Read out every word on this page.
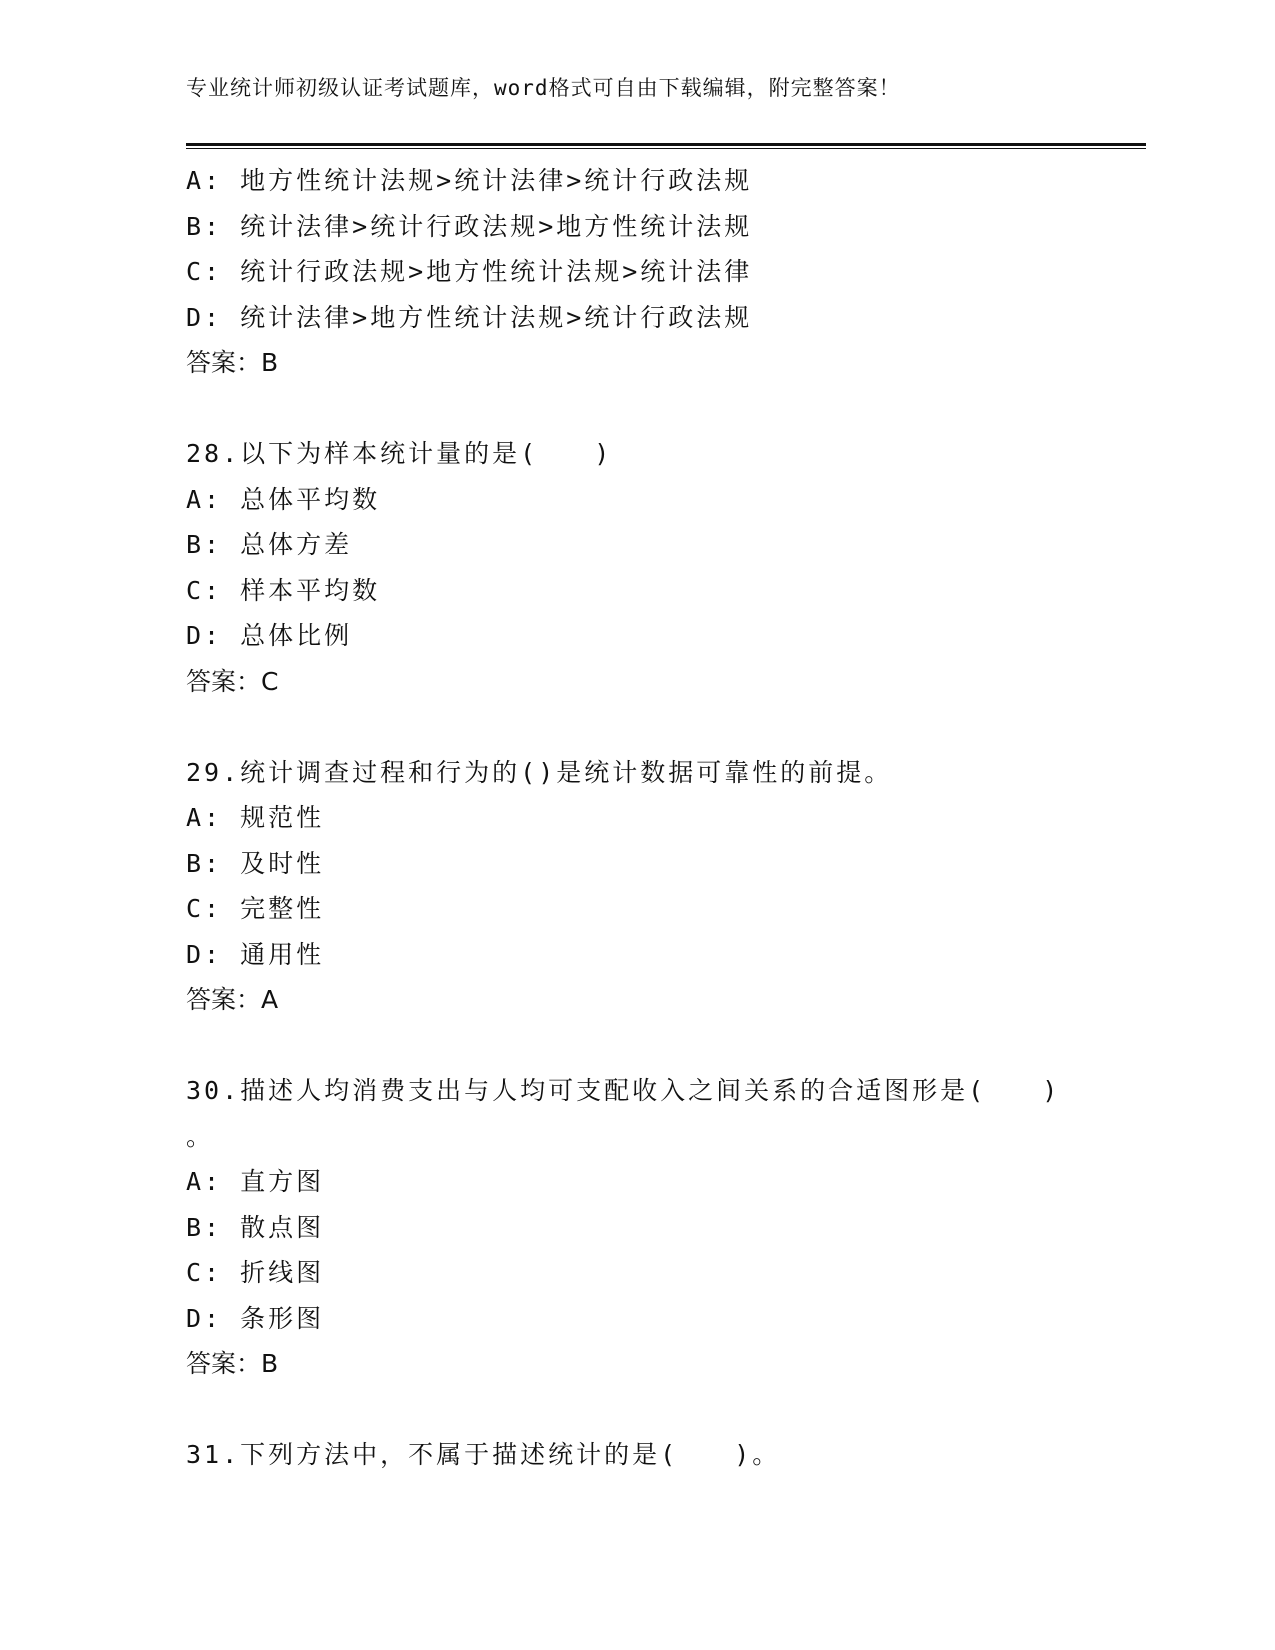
专业统计师初级认证考试题库，word格式可自由下载编辑，附完整答案！
A: 地方性统计法规>统计法律>统计行政法规
B: 统计法律>统计行政法规>地方性统计法规
C: 统计行政法规>地方性统计法规>统计法律
D: 统计法律>地方性统计法规>统计行政法规
答案：B
28.以下为样本统计量的是(　　)
A: 总体平均数
B: 总体方差
C: 样本平均数
D: 总体比例
答案：C
29.统计调查过程和行为的()是统计数据可靠性的前提。
A: 规范性
B: 及时性
C: 完整性
D: 通用性
答案：A
30.描述人均消费支出与人均可支配收入之间关系的合适图形是(　　)
。
A: 直方图
B: 散点图
C: 折线图
D: 条形图
答案：B
31.下列方法中，不属于描述统计的是(　　)。
